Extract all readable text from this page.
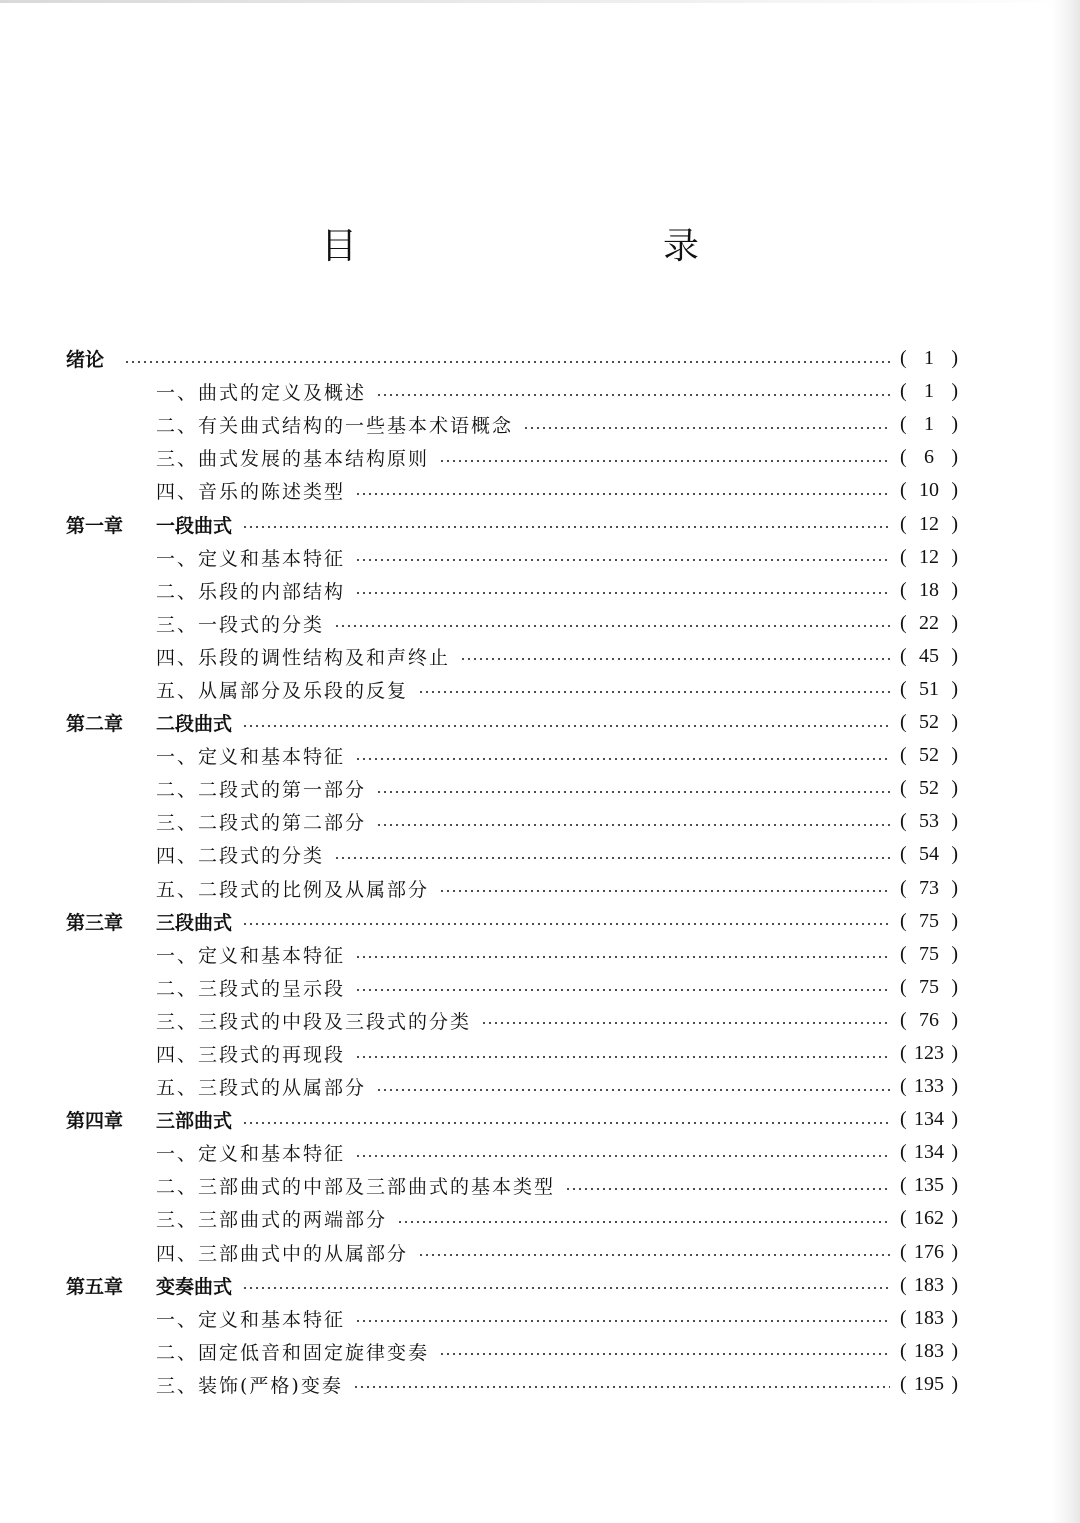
目　　录
绪论	( 1 )
一、曲式的定义及概述	( 1 )
二、有关曲式结构的一些基本术语概念	( 1 )
三、曲式发展的基本结构原则	( 6 )
四、音乐的陈述类型	( 10 )
第一章 一段曲式	( 12 )
一、定义和基本特征	( 12 )
二、乐段的内部结构	( 18 )
三、一段式的分类	( 22 )
四、乐段的调性结构及和声终止	( 45 )
五、从属部分及乐段的反复	( 51 )
第二章 二段曲式	( 52 )
一、定义和基本特征	( 52 )
二、二段式的第一部分	( 52 )
三、二段式的第二部分	( 53 )
四、二段式的分类	( 54 )
五、二段式的比例及从属部分	( 73 )
第三章 三段曲式	( 75 )
一、定义和基本特征	( 75 )
二、三段式的呈示段	( 75 )
三、三段式的中段及三段式的分类	( 76 )
四、三段式的再现段	( 123 )
五、三段式的从属部分	( 133 )
第四章 三部曲式	( 134 )
一、定义和基本特征	( 134 )
二、三部曲式的中部及三部曲式的基本类型	( 135 )
三、三部曲式的两端部分	( 162 )
四、三部曲式中的从属部分	( 176 )
第五章 变奏曲式	( 183 )
一、定义和基本特征	( 183 )
二、固定低音和固定旋律变奏	( 183 )
三、装饰(严格)变奏	( 195 )
